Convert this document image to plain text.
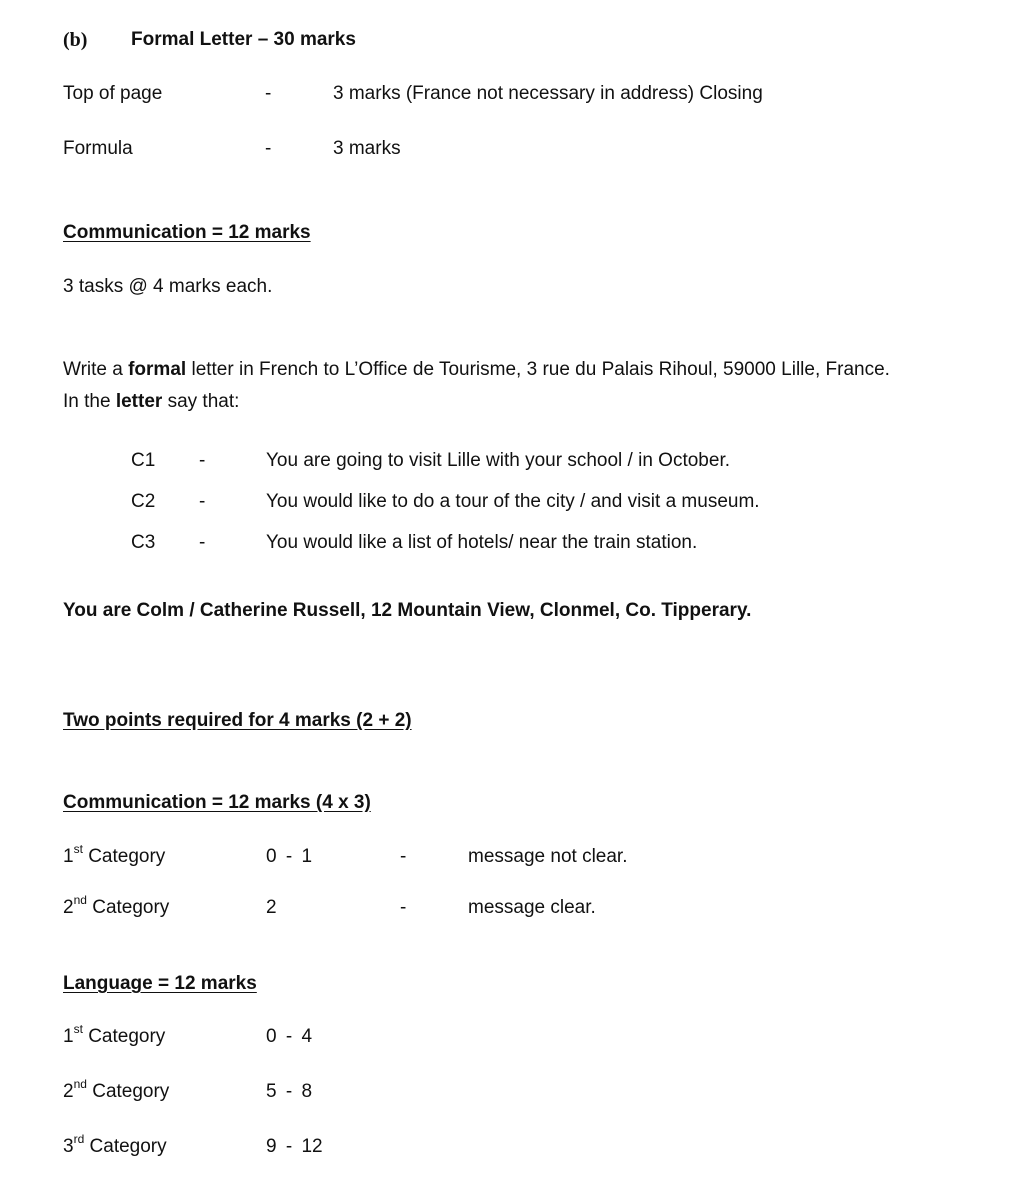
(b) Formal Letter – 30 marks
Top of page	-	3 marks (France not necessary in address) Closing
Formula	-	3 marks
Communication = 12 marks
3 tasks @ 4 marks each.
Write a formal letter in French to L’Office de Tourisme, 3 rue du Palais Rihoul, 59000 Lille, France.
In the letter say that:
C1 -	You are going to visit Lille with your school / in October.
C2 -	You would like to do a tour of the city / and visit a museum.
C3 -	You would like a list of hotels/ near the train station.
You are Colm / Catherine Russell, 12 Mountain View, Clonmel, Co. Tipperary.
Two points required for 4 marks (2 + 2)
Communication = 12 marks (4 x 3)
1st Category	0 - 1	-	message not clear.
2nd Category	2	-	message clear.
Language = 12 marks
1st Category	0 - 4
2nd Category	5 - 8
3rd Category	9 - 12
